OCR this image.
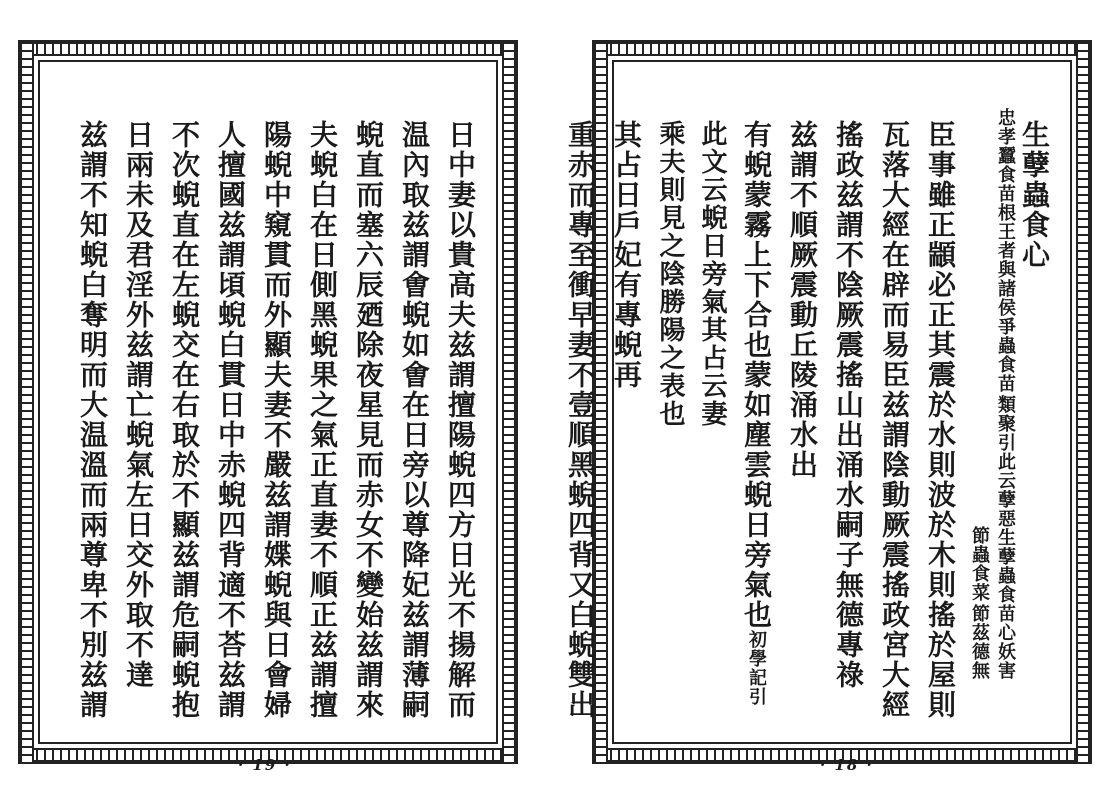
日中妻以貴高夫兹謂擅陽蜺四方日光不揚解而
温內取兹謂㑹蜺如㑹在日旁以尊降妃兹謂薄嗣
蜺直而塞六辰廼除夜星見而赤女不變始兹謂來
夫蜺白在日側黑蜺果之氣正直妻不順正兹謂擅
陽蜺中窺貫而外顯夫妻不嚴兹謂媟蜺與日會婦
人擅國兹謂頃蜺白貫日中赤蜺四背適不荅兹謂
不次蜺直在左蜺交在右取於不顯兹謂危嗣蜺抱
日兩未及君淫外兹謂亡蜺氣左日交外取不達
兹謂不知蜺白奪明而大温溫而兩尊卑不別兹謂
· 19 ·
生孽蟲食心
類聚引此云孽惡生孽蟲食苗心妖害
忠孝蠶食苗根王者與諸侯爭蟲食苗
節茲德無
節蟲食菜
臣事雖正顓必正其震於水則波於木則搖於屋則
瓦落大經在辟而易臣兹謂陰動厥震搖政宮大經
搖政兹謂不陰厥震搖山出涌水嗣子無德專祿
兹謂不順厥震動丘陵涌水出
有蜺蒙霧上下合也蒙如塵雲蜺日旁氣也初學記引
此文云蜺日旁氣其占云妻
乘夫則見之陰勝陽之表也
其占日戶妃有專蜺再
重赤而專至衝早妻不壹順黑蜺四背又白蜺雙出
· 18 ·
